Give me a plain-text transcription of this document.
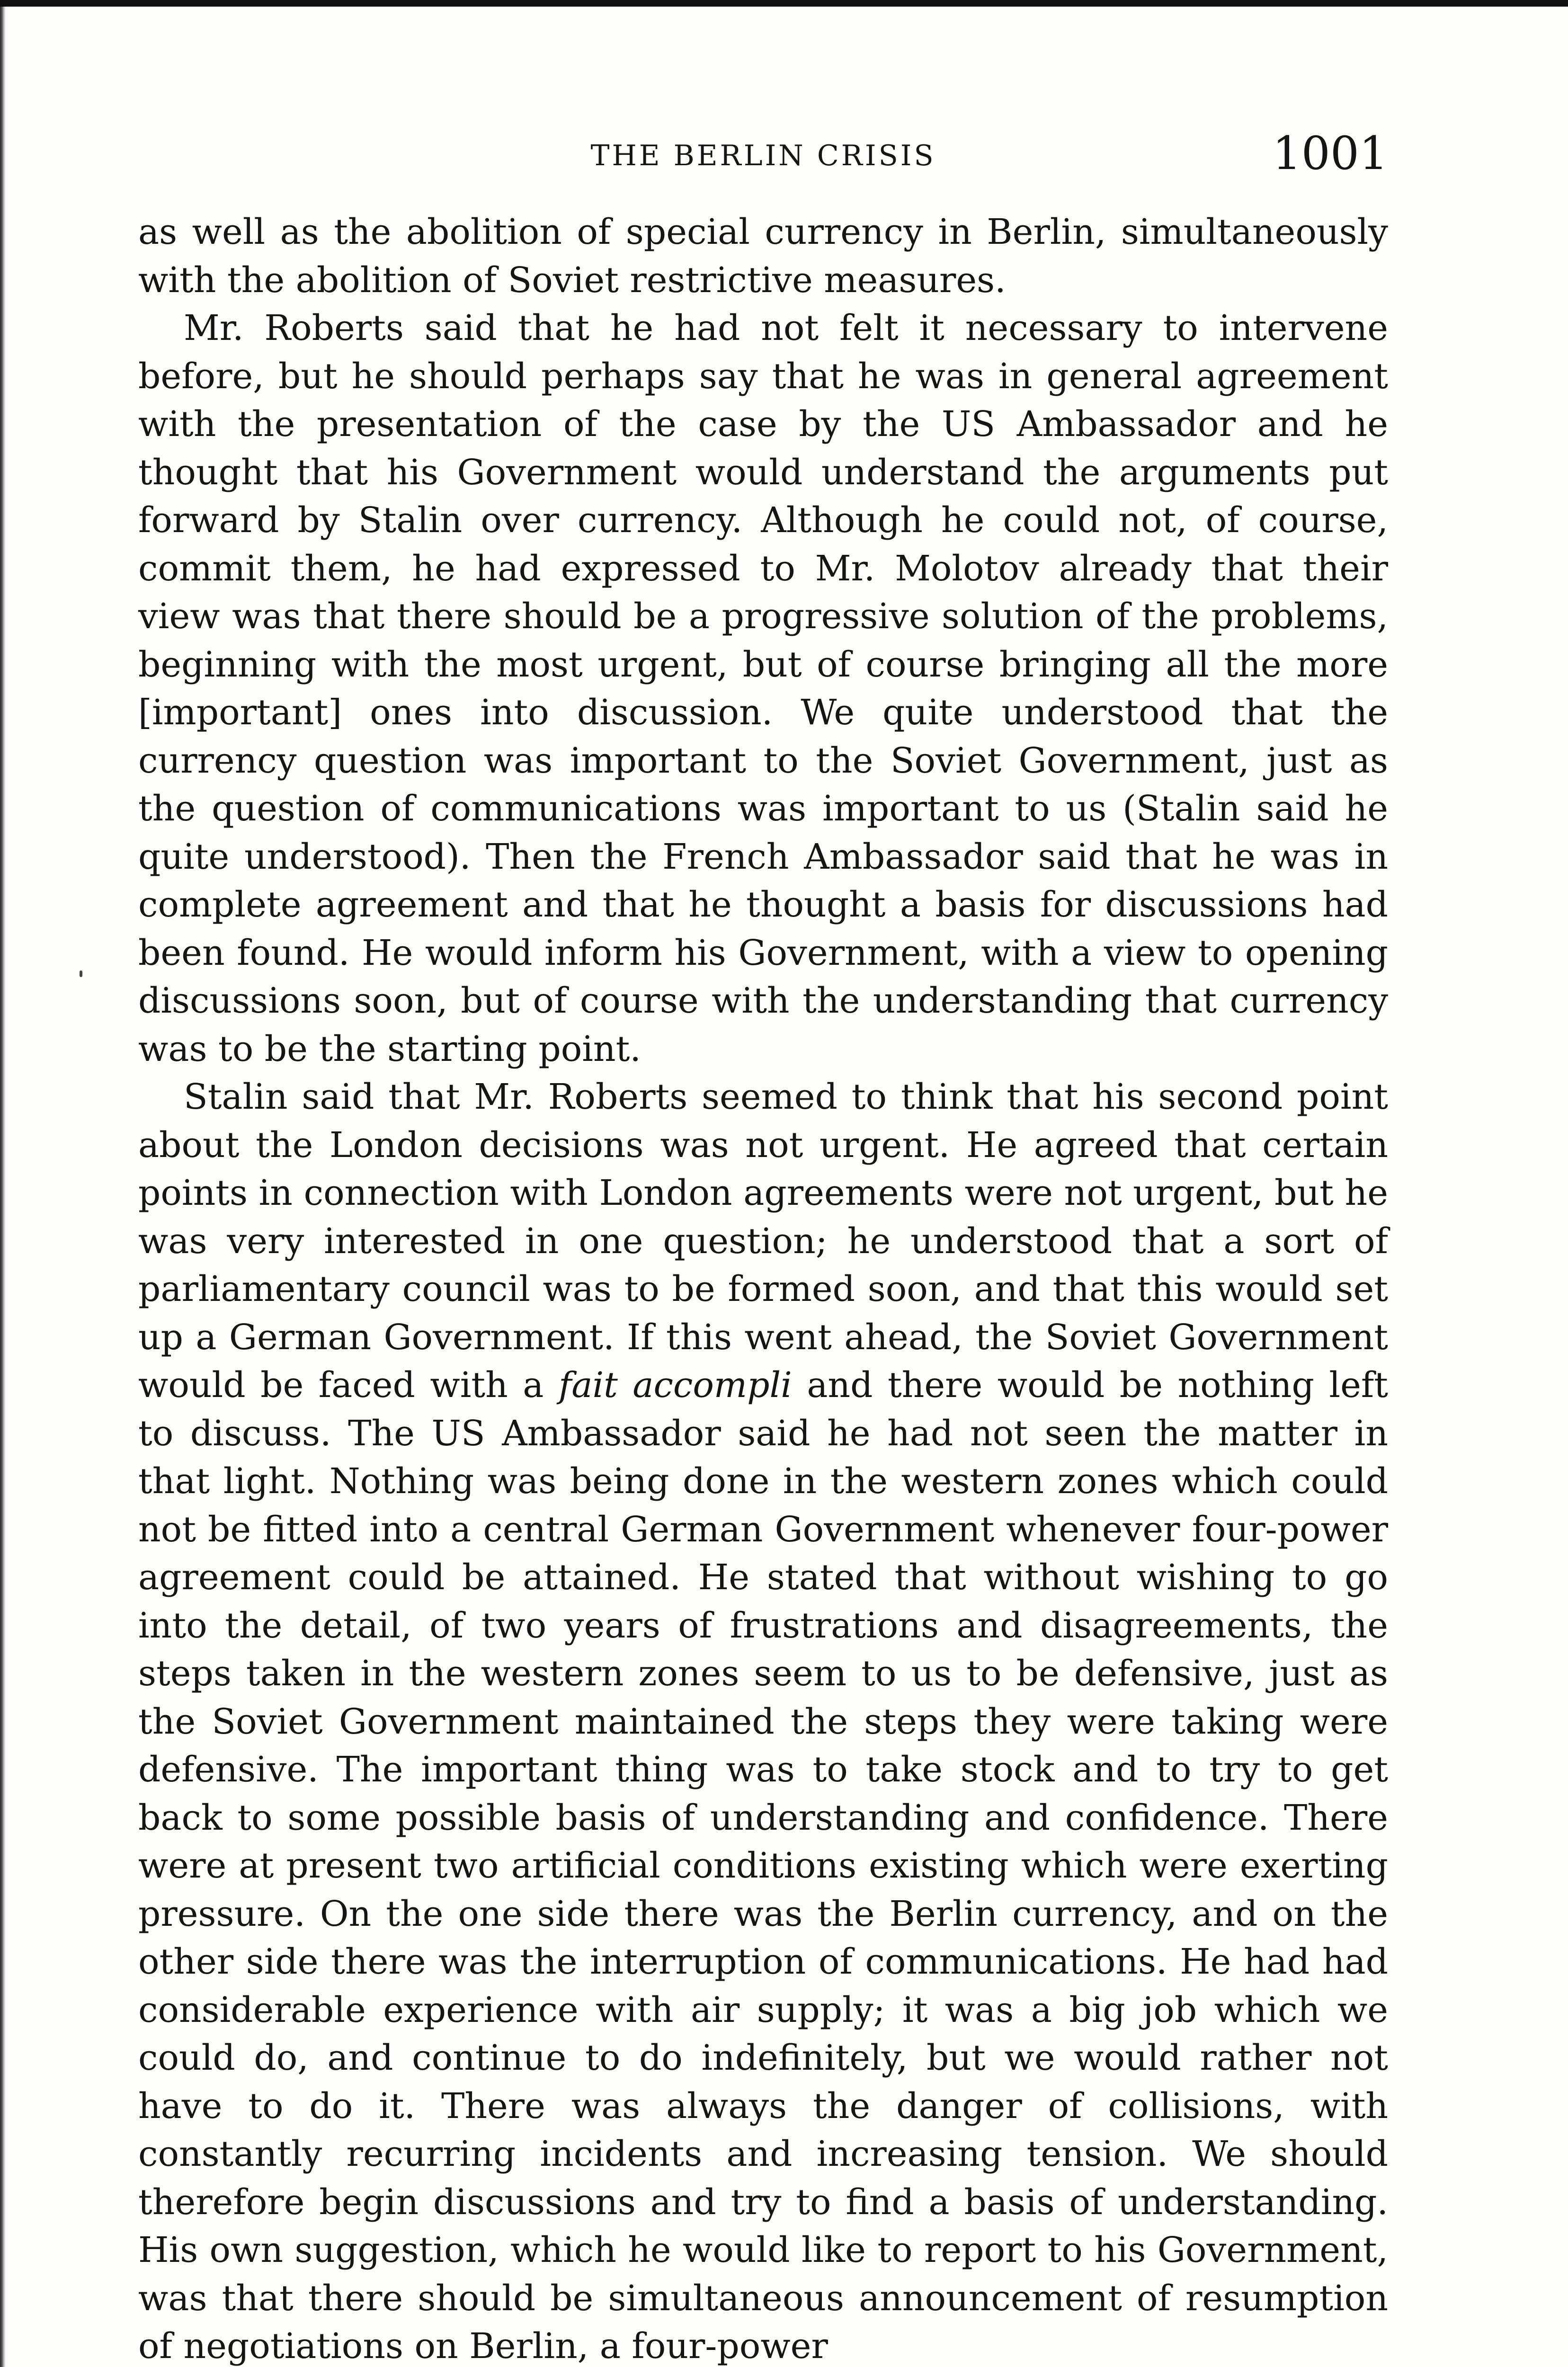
THE BERLIN CRISIS	1001

as well as the abolition of special currency in Berlin, simultaneously with the abolition of Soviet restrictive measures.

Mr. Roberts said that he had not felt it necessary to intervene before, but he should perhaps say that he was in general agreement with the presentation of the case by the US Ambassador and he thought that his Government would understand the arguments put forward by Stalin over currency. Although he could not, of course, commit them, he had expressed to Mr. Molotov already that their view was that there should be a progressive solution of the problems, beginning with the most urgent, but of course bringing all the more [important] ones into discussion. We quite understood that the currency question was important to the Soviet Government, just as the question of communications was important to us (Stalin said he quite understood). Then the French Ambassador said that he was in complete agreement and that he thought a basis for discussions had been found. He would inform his Government, with a view to opening discussions soon, but of course with the understanding that currency was to be the starting point.

Stalin said that Mr. Roberts seemed to think that his second point about the London decisions was not urgent. He agreed that certain points in connection with London agreements were not urgent, but he was very interested in one question; he understood that a sort of parliamentary council was to be formed soon, and that this would set up a German Government. If this went ahead, the Soviet Government would be faced with a fait accompli and there would be nothing left to discuss. The US Ambassador said he had not seen the matter in that light. Nothing was being done in the western zones which could not be fitted into a central German Government whenever four-power agreement could be attained. He stated that without wishing to go into the detail, of two years of frustrations and disagreements, the steps taken in the western zones seem to us to be defensive, just as the Soviet Government maintained the steps they were taking were defensive. The important thing was to take stock and to try to get back to some possible basis of understanding and confidence. There were at present two artificial conditions existing which were exerting pressure. On the one side there was the Berlin currency, and on the other side there was the interruption of communications. He had had considerable experience with air supply; it was a big job which we could do, and continue to do indefinitely, but we would rather not have to do it. There was always the danger of collisions, with constantly recurring incidents and increasing tension. We should therefore begin discussions and try to find a basis of understanding. His own suggestion, which he would like to report to his Government, was that there should be simultaneous announcement of resumption of negotiations on Berlin, a four-power
